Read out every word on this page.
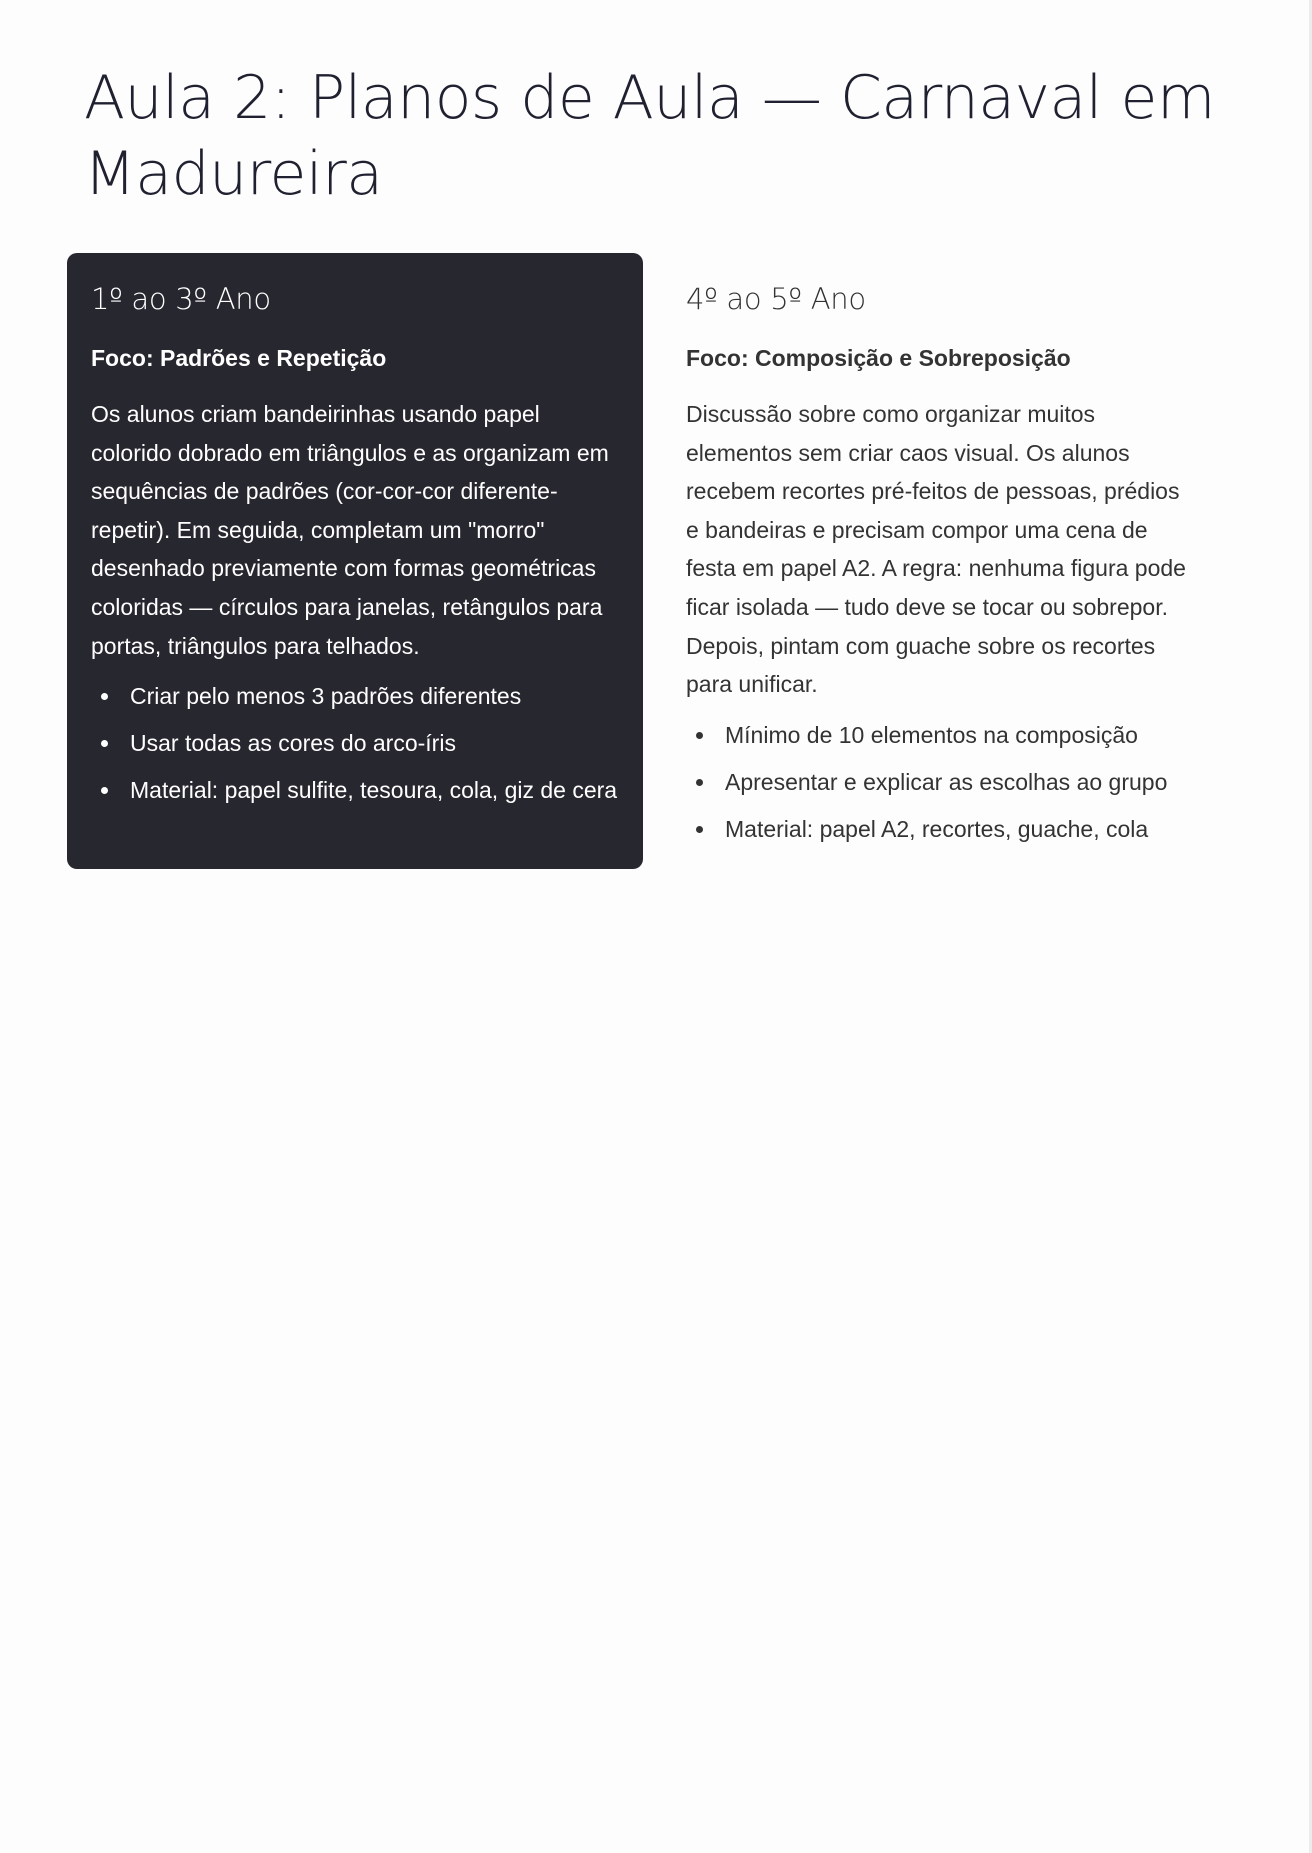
Aula 2: Planos de Aula — Carnaval em Madureira
1º ao 3º Ano

Foco: Padrões e Repetição

Os alunos criam bandeirinhas usando papel colorido dobrado em triângulos e as organizam em sequências de padrões (cor-cor-cor diferente-repetir). Em seguida, completam um "morro" desenhado previamente com formas geométricas coloridas — círculos para janelas, retângulos para portas, triângulos para telhados.

Criar pelo menos 3 padrões diferentes
Usar todas as cores do arco-íris
Material: papel sulfite, tesoura, cola, giz de cera
4º ao 5º Ano

Foco: Composição e Sobreposição

Discussão sobre como organizar muitos elementos sem criar caos visual. Os alunos recebem recortes pré-feitos de pessoas, prédios e bandeiras e precisam compor uma cena de festa em papel A2. A regra: nenhuma figura pode ficar isolada — tudo deve se tocar ou sobrepor. Depois, pintam com guache sobre os recortes para unificar.

Mínimo de 10 elementos na composição
Apresentar e explicar as escolhas ao grupo
Material: papel A2, recortes, guache, cola
